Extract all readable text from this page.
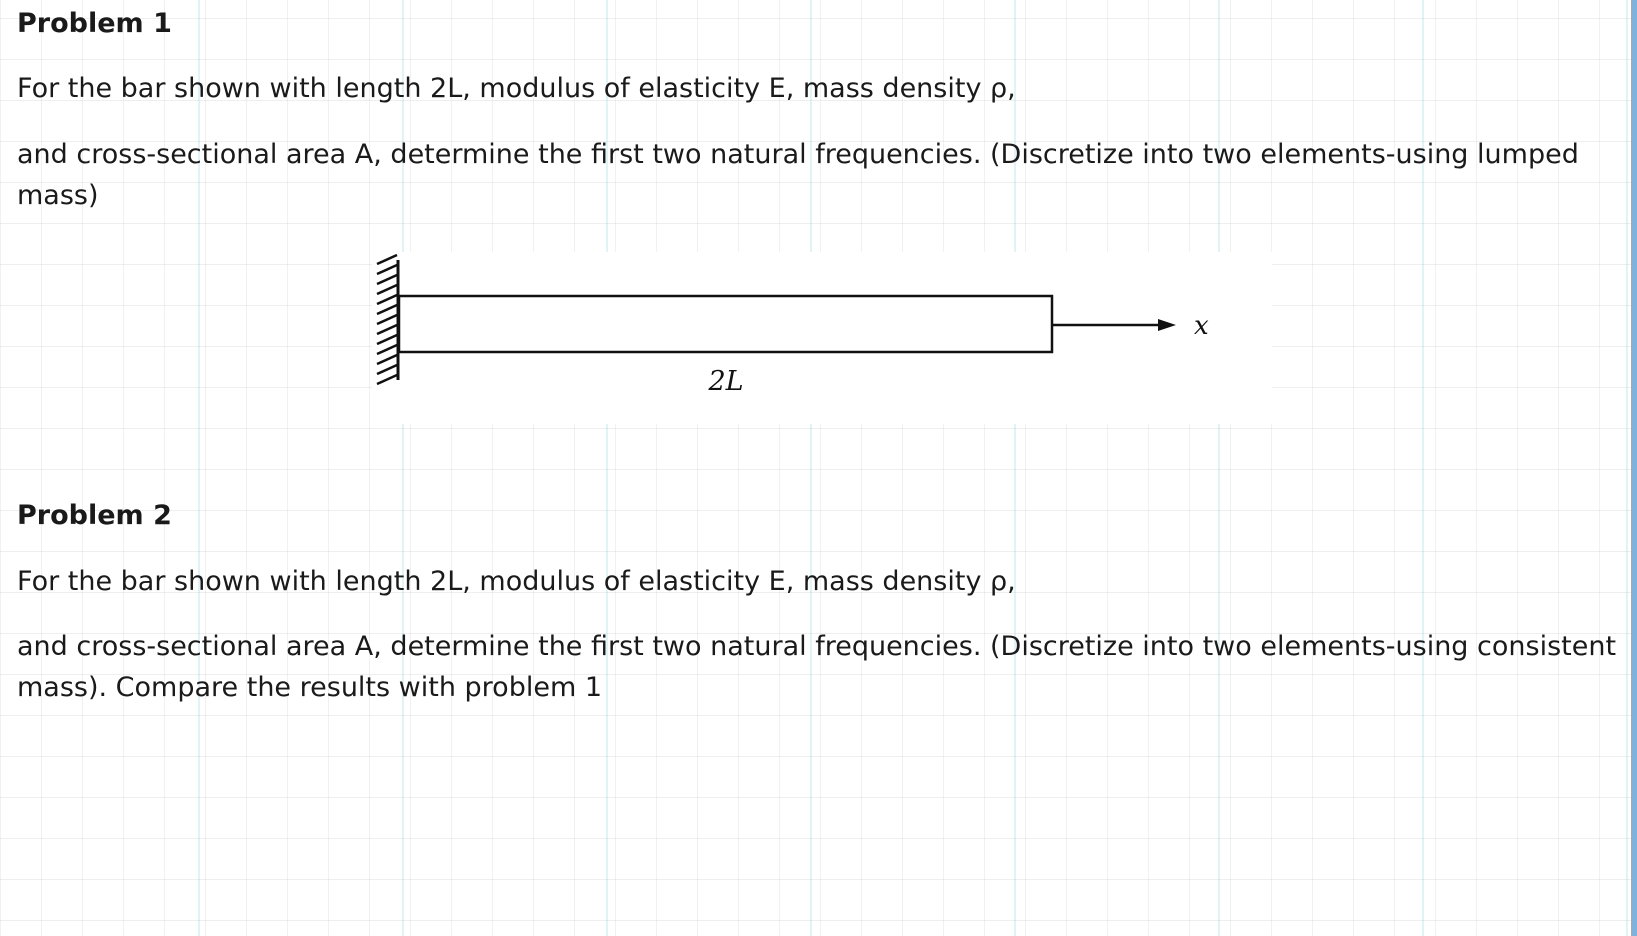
Problem 1

For the bar shown with length 2L, modulus of elasticity E, mass density ρ,

and cross-sectional area A, determine the first two natural frequencies. (Discretize into two elements-using lumped

mass)

x
2L

Problem 2

For the bar shown with length 2L, modulus of elasticity E, mass density ρ,

and cross-sectional area A, determine the first two natural frequencies. (Discretize into two elements-using consistent

mass). Compare the results with problem 1
